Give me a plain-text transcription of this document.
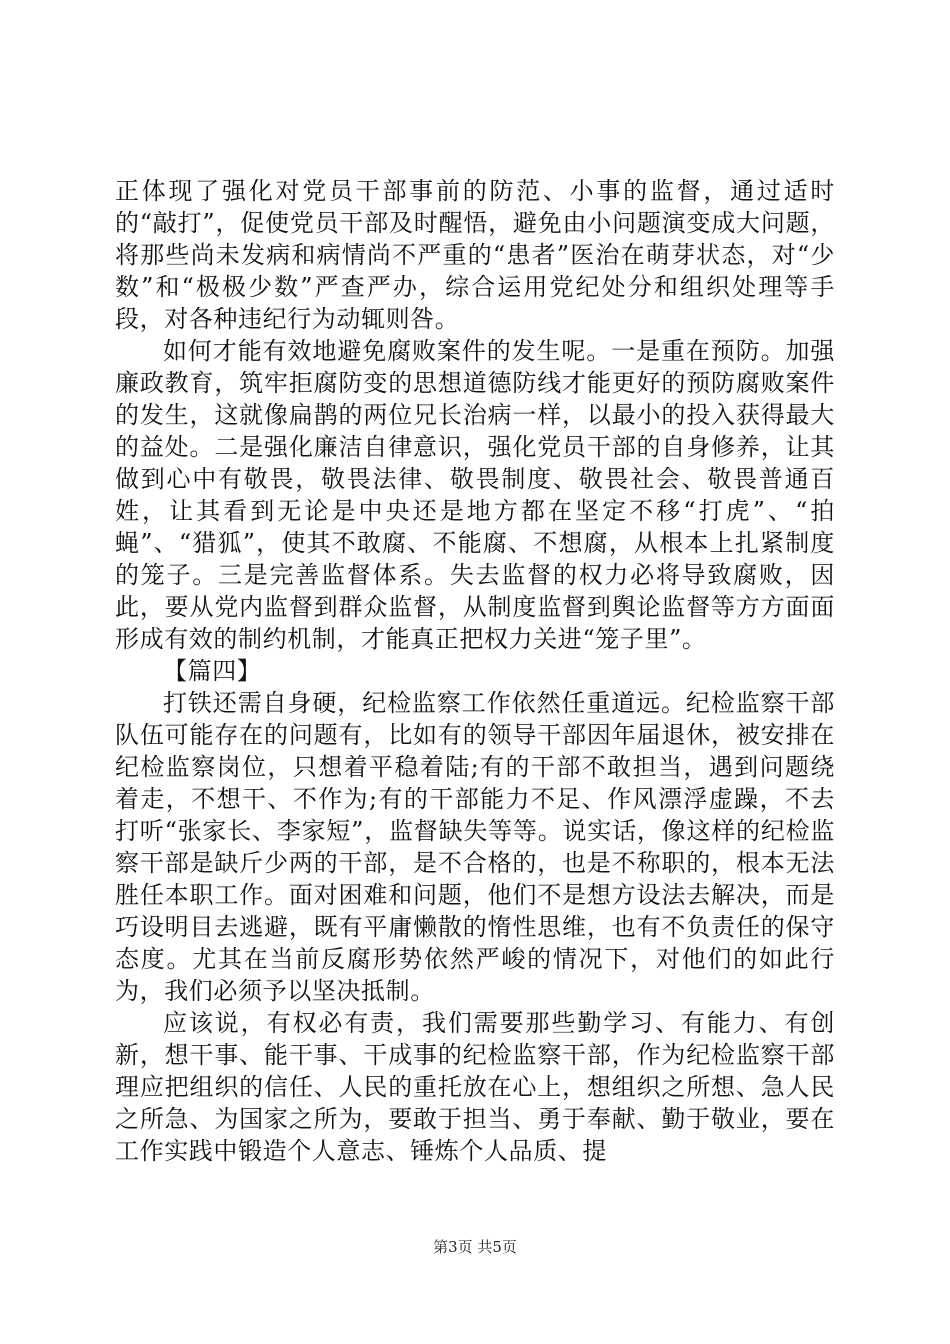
正体现了强化对党员干部事前的防范、小事的监督，通过适时的“敲打”，促使党员干部及时醒悟，避免由小问题演变成大问题，将那些尚未发病和病情尚不严重的“患者”医治在萌芽状态，对“少数”和“极极少数”严查严办，综合运用党纪处分和组织处理等手段，对各种违纪行为动辄则咎。

如何才能有效地避免腐败案件的发生呢。一是重在预防。加强廉政教育，筑牢拒腐防变的思想道德防线才能更好的预防腐败案件的发生，这就像扁鹊的两位兄长治病一样，以最小的投入获得最大的益处。二是强化廉洁自律意识，强化党员干部的自身修养，让其做到心中有敬畏，敬畏法律、敬畏制度、敬畏社会、敬畏普通百姓，让其看到无论是中央还是地方都在坚定不移“打虎”、“拍蝇”、“猎狐”，使其不敢腐、不能腐、不想腐，从根本上扎紧制度的笼子。三是完善监督体系。失去监督的权力必将导致腐败，因此，要从党内监督到群众监督，从制度监督到舆论监督等方方面面形成有效的制约机制，才能真正把权力关进“笼子里”。

【篇四】

打铁还需自身硬，纪检监察工作依然任重道远。纪检监察干部队伍可能存在的问题有，比如有的领导干部因年届退休，被安排在纪检监察岗位，只想着平稳着陆;有的干部不敢担当，遇到问题绕着走，不想干、不作为;有的干部能力不足、作风漂浮虚躁，不去打听“张家长、李家短”，监督缺失等等。说实话，像这样的纪检监察干部是缺斤少两的干部，是不合格的，也是不称职的，根本无法胜任本职工作。面对困难和问题，他们不是想方设法去解决，而是巧设明目去逃避，既有平庸懒散的惰性思维，也有不负责任的保守态度。尤其在当前反腐形势依然严峻的情况下，对他们的如此行为，我们必须予以坚决抵制。

应该说，有权必有责，我们需要那些勤学习、有能力、有创新，想干事、能干事、干成事的纪检监察干部，作为纪检监察干部理应把组织的信任、人民的重托放在心上，想组织之所想、急人民之所急、为国家之所为，要敢于担当、勇于奉献、勤于敬业，要在工作实践中锻造个人意志、锤炼个人品质、提

第3页 共5页
